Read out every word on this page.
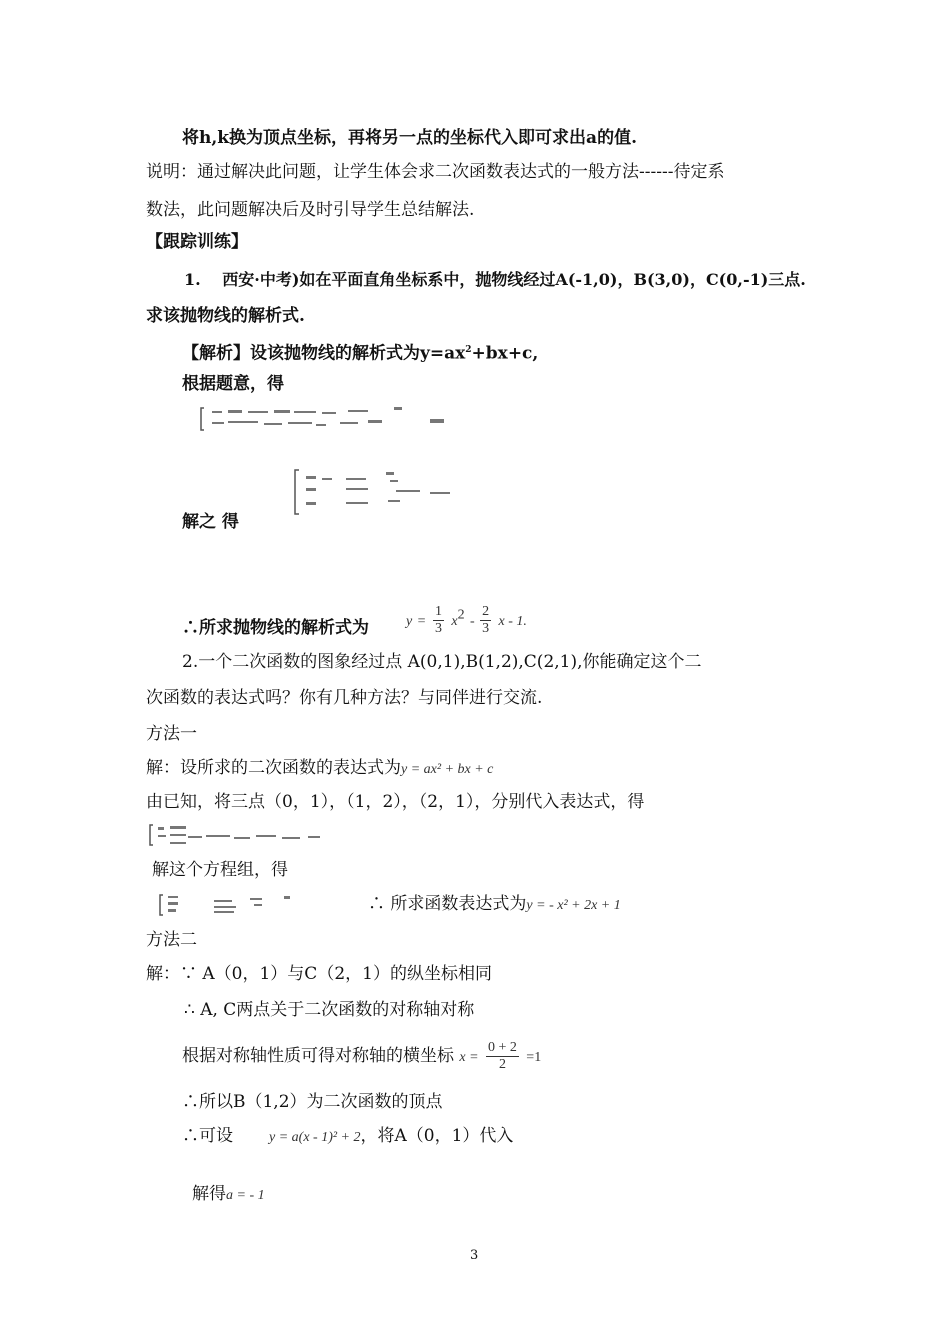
将h,k换为顶点坐标，再将另一点的坐标代入即可求出a的值.
说明：通过解决此问题，让学生体会求二次函数表达式的一般方法------待定系
数法，此问题解决后及时引导学生总结解法.
【跟踪训练】
1.　 西安·中考)如在平面直角坐标系中，抛物线经过A(-1,0)，B(3,0)，C(0,-1)三点.
求该抛物线的解析式.
【解析】设该抛物线的解析式为$y=ax^2+bx+c$,
根据题意，得
解之 得
∴所求抛物线的解析式为	$y = \frac{1}{3} x^2 - \frac{2}{3}$ x - 1.
2.一个二次函数的图象经过点 A(0,1),B(1,2),C(2,1),你能确定这个二
次函数的表达式吗？你有几种方法？与同伴进行交流.
方法一
解：设所求的二次函数的表达式为y = ax² + bx + c
由已知，将三点（0，1），（1，2），（2，1），分别代入表达式，得
解这个方程组，得
∴ 所求函数表达式为y = - x² + 2x + 1
方法二
解：∵ A（0，1）与C（2，1）的纵坐标相同
∴ A, C两点关于二次函数的对称轴对称
根据对称轴性质可得对称轴的横坐标 $x = \frac{0 + 2}{2} =1$
∴所以B（1,2）为二次函数的顶点
∴可设	y = a(x - 1)² + 2，将A（0，1）代入
解得a = - 1
3
